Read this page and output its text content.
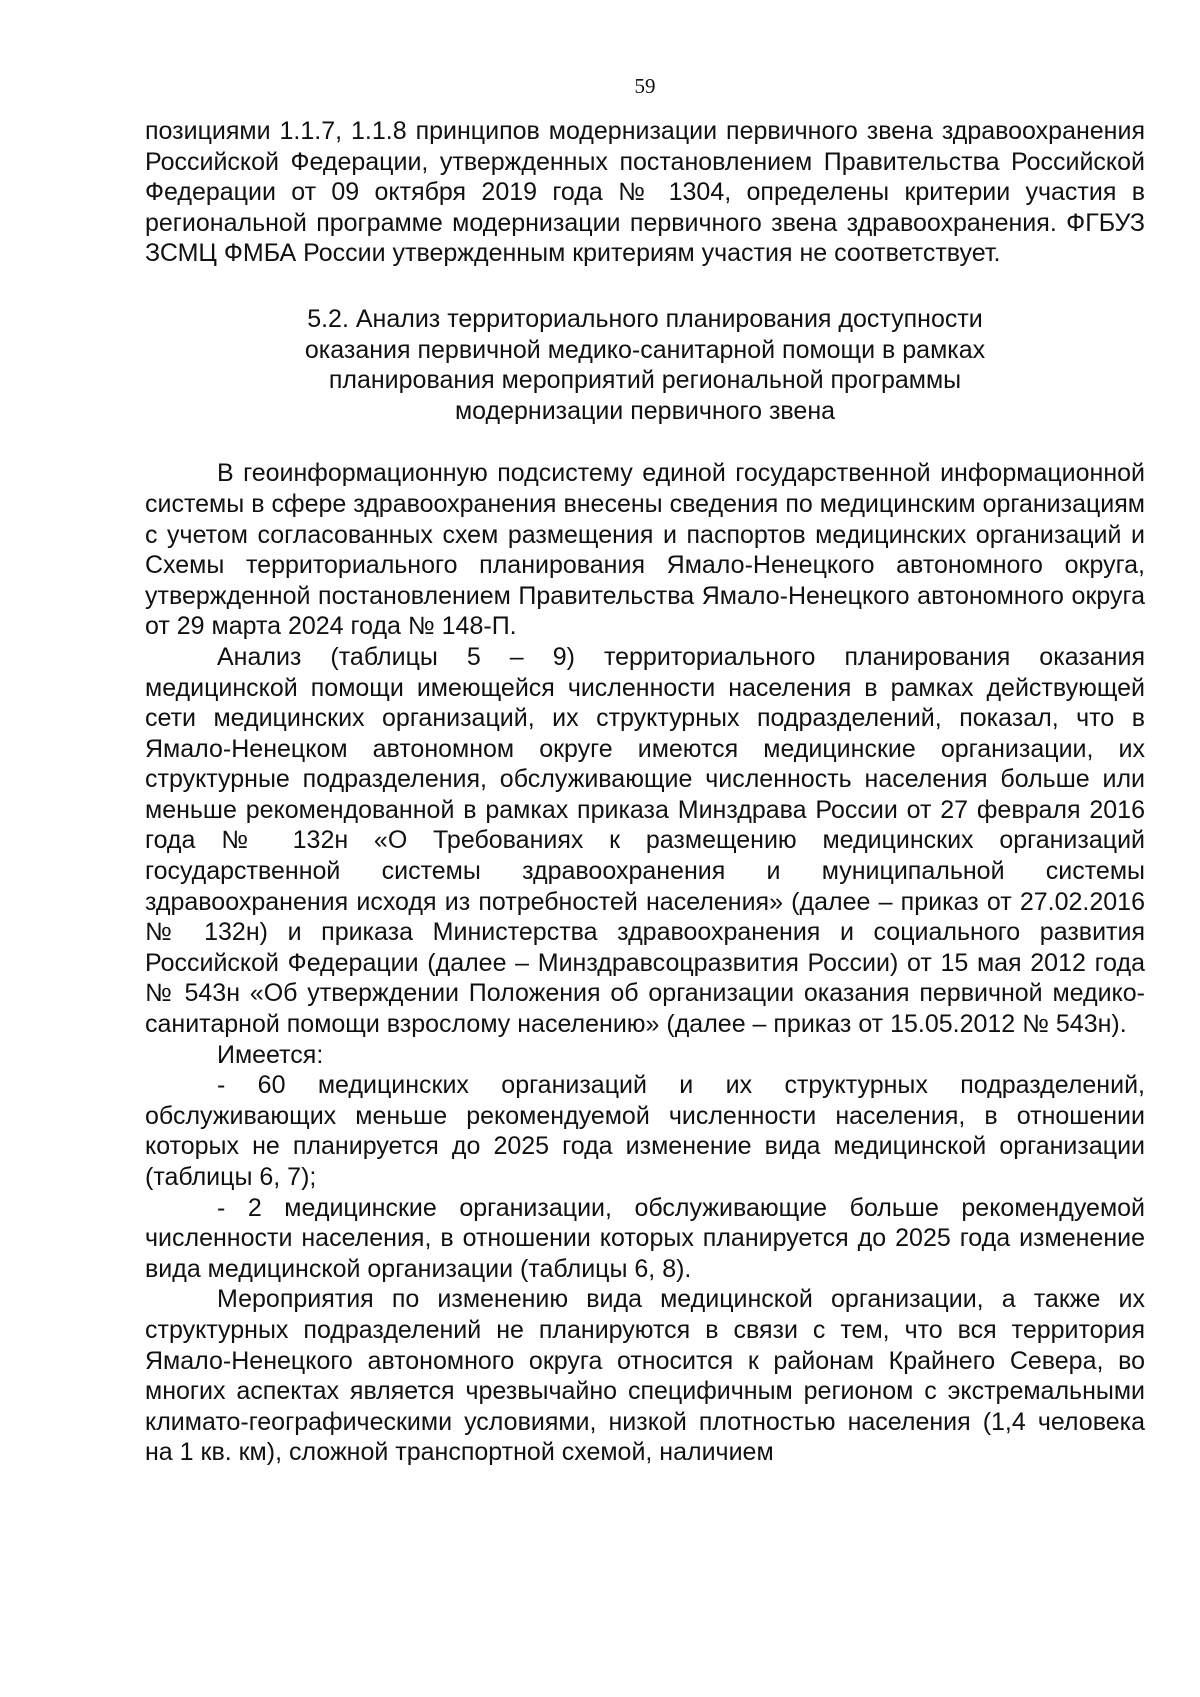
59

позициями 1.1.7, 1.1.8 принципов модернизации первичного звена здравоохранения Российской Федерации, утвержденных постановлением Правительства Российской Федерации от 09 октября 2019 года № 1304, определены критерии участия в региональной программе модернизации первичного звена здравоохранения. ФГБУЗ ЗСМЦ ФМБА России утвержденным критериям участия не соответствует.

5.2. Анализ территориального планирования доступности
оказания первичной медико-санитарной помощи в рамках
планирования мероприятий региональной программы
модернизации первичного звена

В геоинформационную подсистему единой государственной информационной системы в сфере здравоохранения внесены сведения по медицинским организациям с учетом согласованных схем размещения и паспортов медицинских организаций и Схемы территориального планирования Ямало-Ненецкого автономного округа, утвержденной постановлением Правительства Ямало-Ненецкого автономного округа от 29 марта 2024 года № 148-П.

Анализ (таблицы 5 – 9) территориального планирования оказания медицинской помощи имеющейся численности населения в рамках действующей сети медицинских организаций, их структурных подразделений, показал, что в Ямало-Ненецком автономном округе имеются медицинские организации, их структурные подразделения, обслуживающие численность населения больше или меньше рекомендованной в рамках приказа Минздрава России от 27 февраля 2016 года № 132н «О Требованиях к размещению медицинских организаций государственной системы здравоохранения и муниципальной системы здравоохранения исходя из потребностей населения» (далее – приказ от 27.02.2016 № 132н) и приказа Министерства здравоохранения и социального развития Российской Федерации (далее – Минздравсоцразвития России) от 15 мая 2012 года № 543н «Об утверждении Положения об организации оказания первичной медико-санитарной помощи взрослому населению» (далее – приказ от 15.05.2012 № 543н).

Имеется:

- 60 медицинских организаций и их структурных подразделений, обслуживающих меньше рекомендуемой численности населения, в отношении которых не планируется до 2025 года изменение вида медицинской организации (таблицы 6, 7);

- 2 медицинские организации, обслуживающие больше рекомендуемой численности населения, в отношении которых планируется до 2025 года изменение вида медицинской организации (таблицы 6, 8).

Мероприятия по изменению вида медицинской организации, а также их структурных подразделений не планируются в связи с тем, что вся территория Ямало-Ненецкого автономного округа относится к районам Крайнего Севера, во многих аспектах является чрезвычайно специфичным регионом с экстремальными климато-географическими условиями, низкой плотностью населения (1,4 человека на 1 кв. км), сложной транспортной схемой, наличием
